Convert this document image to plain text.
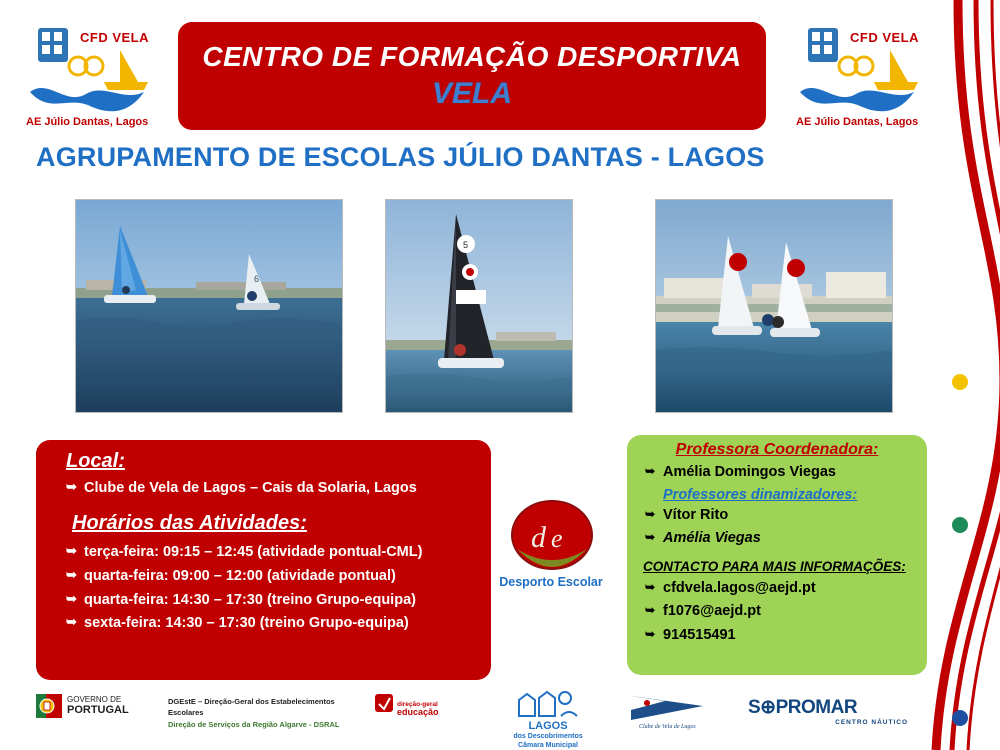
CFD VELA
AE Júlio Dantas, Lagos
CFD VELA
AE Júlio Dantas, Lagos
CENTRO DE FORMAÇÃO DESPORTIVA
VELA
AGRUPAMENTO DE ESCOLAS JÚLIO DANTAS - LAGOS
6
5
Local:
➥ Clube de Vela de Lagos – Cais da Solaria, Lagos
Horários das Atividades:
➥ terça-feira: 09:15 – 12:45 (atividade pontual-CML)
➥ quarta-feira: 09:00 – 12:00 (atividade pontual)
➥ quarta-feira: 14:30 – 17:30 (treino Grupo-equipa)
➥ sexta-feira: 14:30 – 17:30 (treino Grupo-equipa)
d e
Desporto Escolar
Professora Coordenadora:
➥ Amélia Domingos Viegas
Professores dinamizadores:
➥ Vítor Rito
➥ Amélia Viegas
CONTACTO PARA MAIS INFORMAÇÕES:
➥ cfdvela.lagos@aejd.pt
➥ f1076@aejd.pt
➥ 914515491
GOVERNO DE
PORTUGAL
DGEstE – Direção-Geral dos Estabelecimentos Escolares
Direção de Serviços da Região Algarve - DSRAL
direção-geral
educação
LAGOS
dos Descobrimentos
Câmara Municipal
Clube de Vela de Lagos
S⊕PROMAR
CENTRO NÁUTICO
